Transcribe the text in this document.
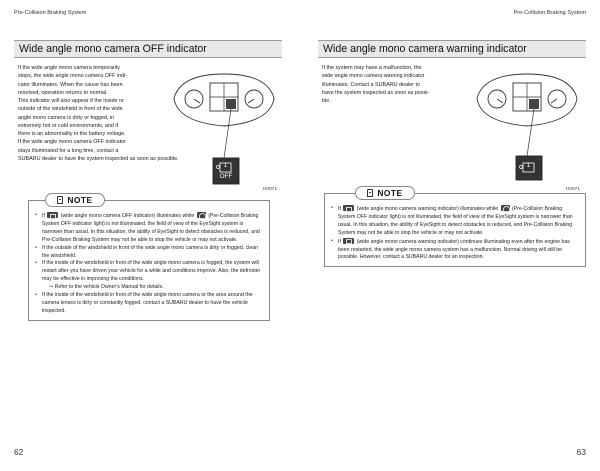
Pre-Collision Braking System	Pre-Collision Braking System
Wide angle mono camera OFF indicator
If the wide angle mono camera temporarily
stops, the wide angle mono camera OFF indi-
cator illuminates. When the cause has been
resolved, operation returns to normal.
This indicator will also appear if the inside or
outside of the windshield in front of the wide
angle mono camera is dirty or fogged, in
extremely hot or cold environments, and if
there is an abnormality in the battery voltage.
If the wide angle mono camera OFF indicator
stays illuminated for a long time, contact a
SUBARU dealer to have the system inspected as soon as possible.
1
OFF
H0071
NOTE
• If	(wide angle mono camera OFF indicator) illuminates while	(Pre-Collision Braking System OFF indicator light) is not illuminated, the field of view of the EyeSight system is narrower than usual. In this situation, the ability of EyeSight to detect obstacles is reduced, and Pre-Collision Braking System may not be able to stop the vehicle or may not activate.
• If the outside of the windshield in front of the wide angle mono camera is dirty or fogged, clean the windshield.
• If the inside of the windshield in front of the wide angle mono camera is fogged, the system will restart after you have driven your vehicle for a while and conditions improve. Also, the defroster may be effective in improving the conditions.
⇒ Refer to the vehicle Owner's Manual for details.
• If the inside of the windshield in front of the wide angle mono camera or the area around the camera lenses is dirty or constantly fogged, contact a SUBARU dealer to have the vehicle inspected.
Wide angle mono camera warning indicator
If the system may have a malfunction, the
wide angle mono camera warning indicator
illuminates. Contact a SUBARU dealer to
have the system inspected as soon as possi-
ble.
1
H0071
NOTE
• If	(wide angle mono camera warning indicator) illuminates while	(Pre-Collision Braking System OFF indicator light) is not illuminated, the field of view of the EyeSight system is narrower than usual. In this situation, the ability of EyeSight to detect obstacles is reduced, and Pre-Collision Braking System may not be able to stop the vehicle or may not activate.
• If	(wide angle mono camera warning indicator) continues illuminating even after the engine has been restarted, the wide angle mono camera system has a malfunction. Normal driving will still be possible. However, contact a SUBARU dealer for an inspection.
62	63
